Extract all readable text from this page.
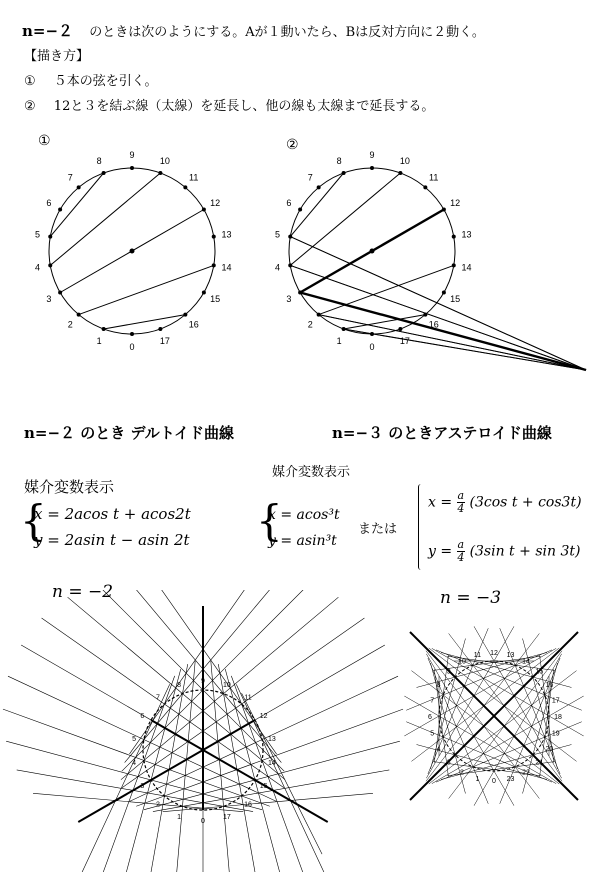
n=−２ のときは次のようにする。Aが１動いたら、Bは反対方向に２動く。
【描き方】
① ５本の弦を引く。
② 12と３を結ぶ線（太線）を延長し、他の線も太線まで延長する。
①
0
1
2
3
4
5
6
7
8
9
10
11
12
13
14
15
16
17
②
0
1
2
3
4
5
6
7
8
9
10
11
12
13
14
15
16
17
n=−２ のとき デルトイド曲線	n=−３ のときアステロイド曲線
媒介変数表示
媒介変数表示
{
x = 2acos t + acos2t
y = 2asin t − asin 2t {
x = acos³t
y = asin³t
または
$x = \frac{a}{4} (3\cos$ t + cos3t)
$y = \frac{a}{4} (3\sin$ t + sin 3t)
n = −2	n = −3
0
1
2
3
4
5
6
7
8
9
10
11
12
13
14
15
16
17
0
1
2
3
4
5
6
7
8
9
10
11 12 13
14
15
16
17
18
19
20
21
22
23
